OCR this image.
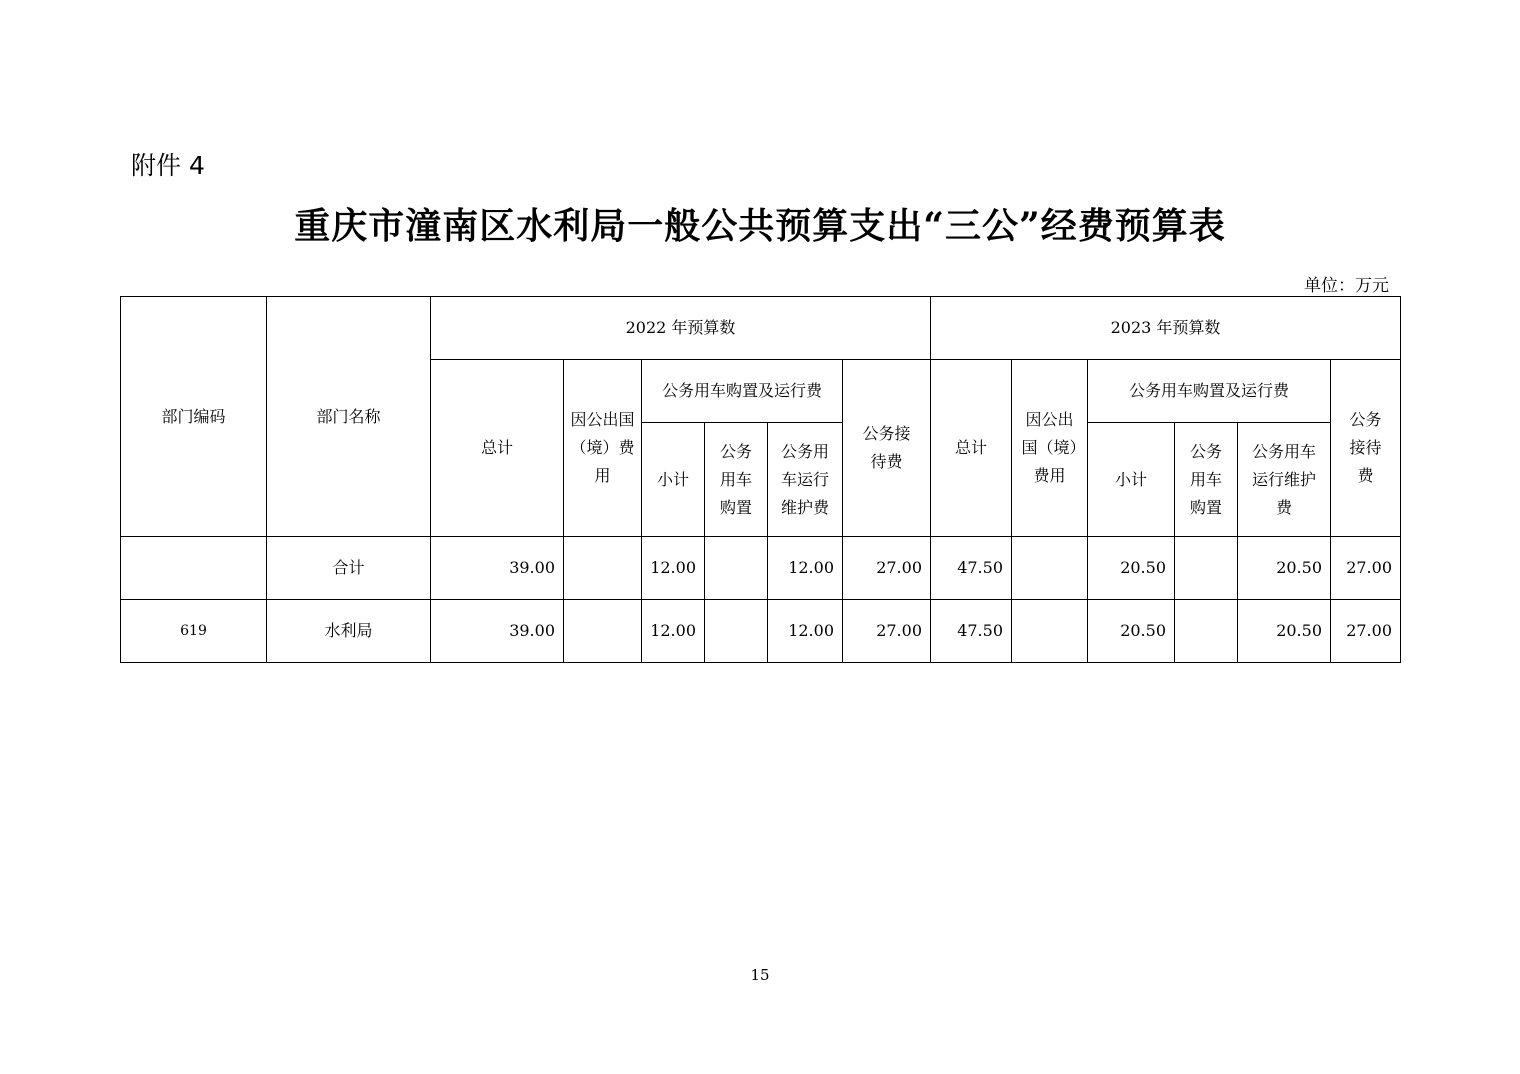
附件 4
重庆市潼南区水利局一般公共预算支出“三公”经费预算表
单位：万元
部门编码	部门名称	2022 年预算数						2023 年预算数					
		总计	因公出国（境）费用	公务用车购置及运行费			公务接待费	总计	因公出国（境）费用	公务用车购置及运行费			公务接待费
				小计	公务用车购置	公务用车运行维护费				小计	公务用车购置	公务用车运行维护费	
	合计	39.00		12.00		12.00	27.00	47.50		20.50		20.50	27.00
619	水利局	39.00		12.00		12.00	27.00	47.50		20.50		20.50	27.00
15
